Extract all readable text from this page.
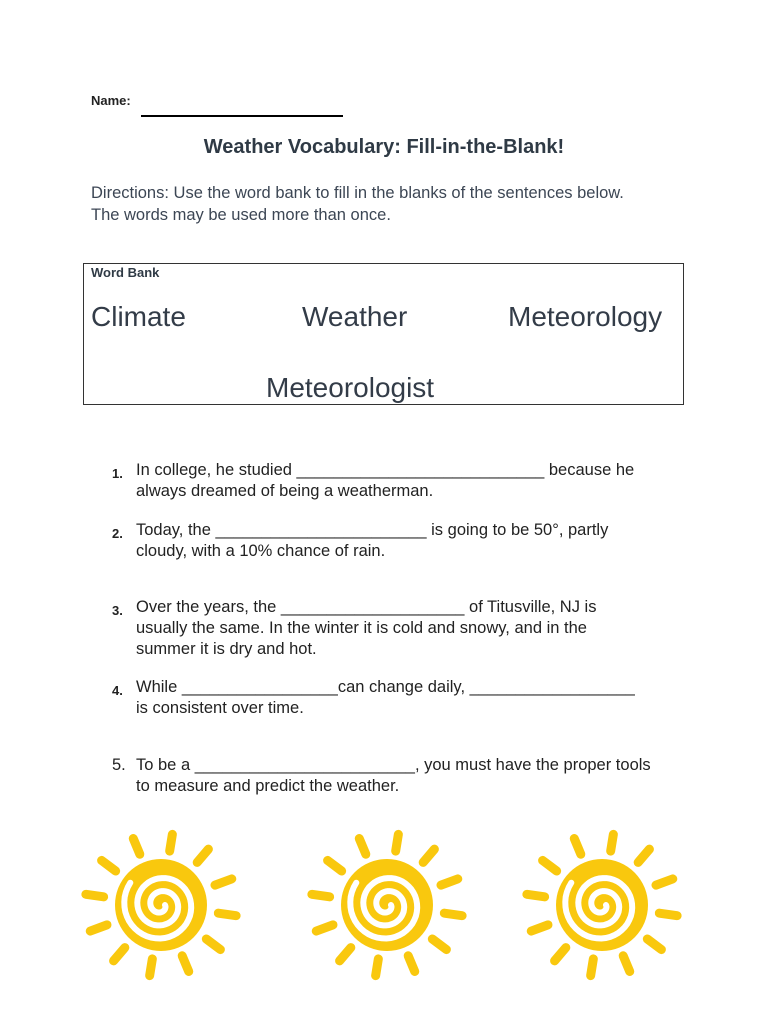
Name:
Weather Vocabulary: Fill-in-the-Blank!
Directions: Use the word bank to fill in the blanks of the sentences below.
The words may be used more than once.
Word Bank
Climate	Weather	Meteorology
Meteorologist
1. In college, he studied ___________________________ because he
always dreamed of being a weatherman.
2. Today, the _______________________ is going to be 50°, partly
cloudy, with a 10% chance of rain.
3. Over the years, the ____________________ of Titusville, NJ is
usually the same. In the winter it is cold and snowy, and in the
summer it is dry and hot.
4. While _________________can change daily, __________________
is consistent over time.
5. To be a ________________________, you must have the proper tools
to measure and predict the weather.
